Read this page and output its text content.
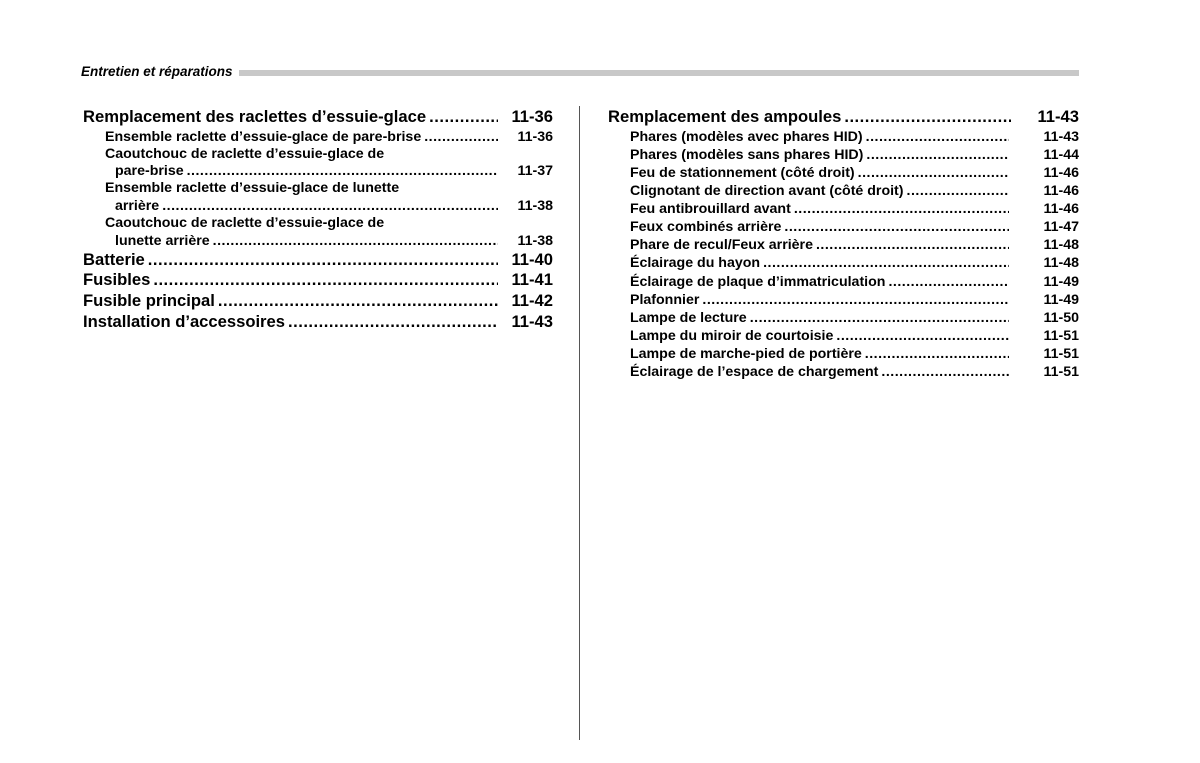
Entretien et réparations
Remplacement des raclettes d’essuie-glace .....	11-36
Ensemble raclette d’essuie-glace de pare-brise .....	11-36
Caoutchouc de raclette d’essuie-glace de
pare-brise .....	11-37
Ensemble raclette d’essuie-glace de lunette
arrière .....	11-38
Caoutchouc de raclette d’essuie-glace de
lunette arrière .....	11-38
Batterie .....	11-40
Fusibles .....	11-41
Fusible principal .....	11-42
Installation d’accessoires .....	11-43
Remplacement des ampoules .....	11-43
Phares (modèles avec phares HID) .....	11-43
Phares (modèles sans phares HID) .....	11-44
Feu de stationnement (côté droit) .....	11-46
Clignotant de direction avant (côté droit) .....	11-46
Feu antibrouillard avant .....	11-46
Feux combinés arrière .....	11-47
Phare de recul/Feux arrière .....	11-48
Éclairage du hayon .....	11-48
Éclairage de plaque d’immatriculation .....	11-49
Plafonnier .....	11-49
Lampe de lecture .....	11-50
Lampe du miroir de courtoisie .....	11-51
Lampe de marche-pied de portière .....	11-51
Éclairage de l’espace de chargement .....	11-51
